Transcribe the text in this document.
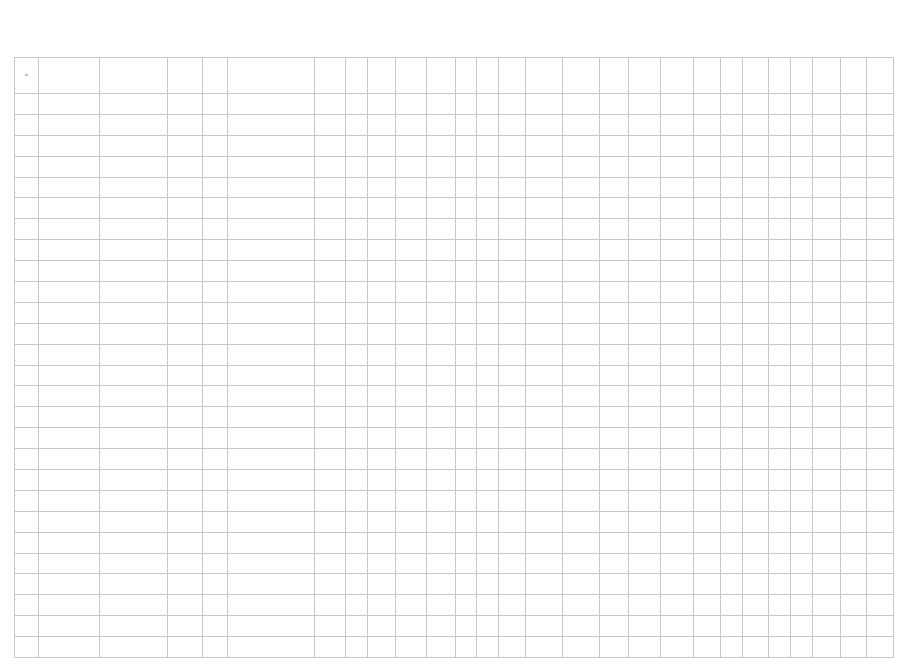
№																										
